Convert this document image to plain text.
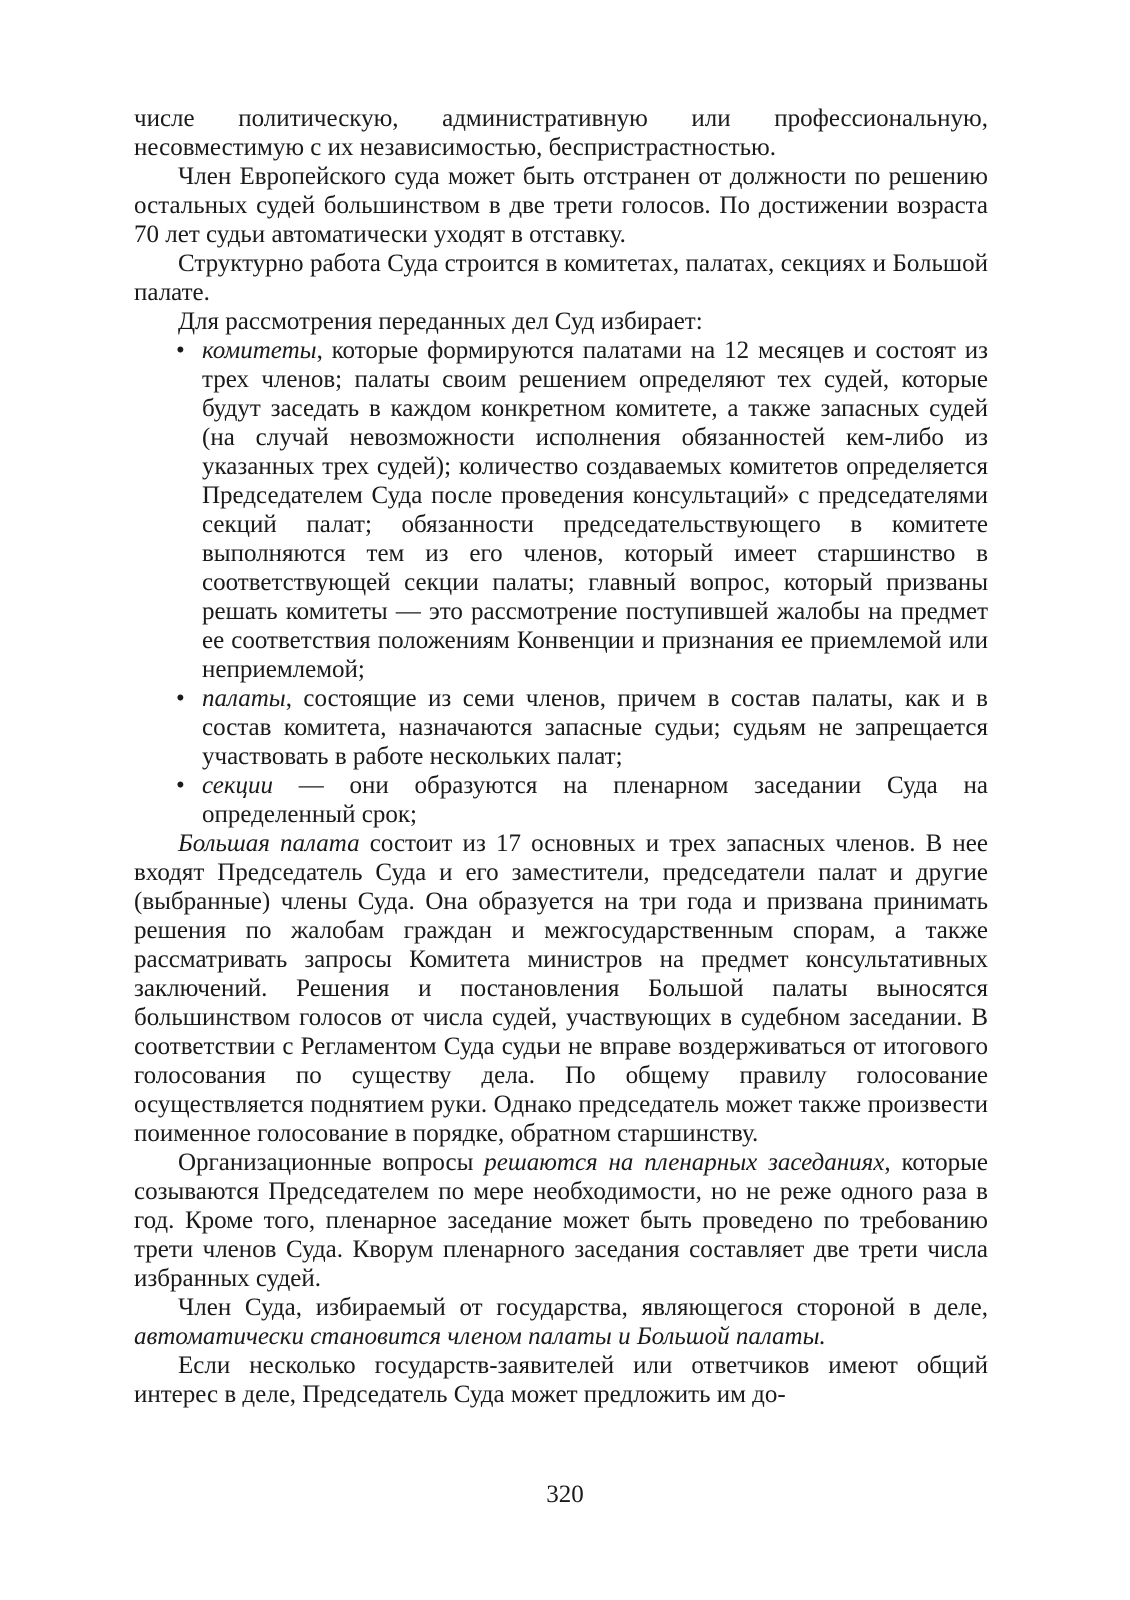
числе политическую, административную или профессиональную, несовместимую с их независимостью, беспристрастностью.

Член Европейского суда может быть отстранен от должности по решению остальных судей большинством в две трети голосов. По достижении возраста 70 лет судьи автоматически уходят в отставку.

Структурно работа Суда строится в комитетах, палатах, секциях и Большой палате.

Для рассмотрения переданных дел Суд избирает:

• комитеты, которые формируются палатами на 12 месяцев и состоят из трех членов; палаты своим решением определяют тех судей, которые будут заседать в каждом конкретном комитете, а также запасных судей (на случай невозможности исполнения обязанностей кем-либо из указанных трех судей); количество создаваемых комитетов определяется Председателем Суда после проведения консультаций» с председателями секций палат; обязанности председательствующего в комитете выполняются тем из его членов, который имеет старшинство в соответствующей секции палаты; главный вопрос, который призваны решать комитеты — это рассмотрение поступившей жалобы на предмет ее соответствия положениям Конвенции и признания ее приемлемой или неприемлемой;
• палаты, состоящие из семи членов, причем в состав палаты, как и в состав комитета, назначаются запасные судьи; судьям не запрещается участвовать в работе нескольких палат;
• секции — они образуются на пленарном заседании Суда на определенный срок;

Большая палата состоит из 17 основных и трех запасных членов. В нее входят Председатель Суда и его заместители, председатели палат и другие (выбранные) члены Суда. Она образуется на три года и призвана принимать решения по жалобам граждан и межгосударственным спорам, а также рассматривать запросы Комитета министров на предмет консультативных заключений. Решения и постановления Большой палаты выносятся большинством голосов от числа судей, участвующих в судебном заседании. В соответствии с Регламентом Суда судьи не вправе воздерживаться от итогового голосования по существу дела. По общему правилу голосование осуществляется поднятием руки. Однако председатель может также произвести поименное голосование в порядке, обратном старшинству.

Организационные вопросы решаются на пленарных заседаниях, которые созываются Председателем по мере необходимости, но не реже одного раза в год. Кроме того, пленарное заседание может быть проведено по требованию трети членов Суда. Кворум пленарного заседания составляет две трети числа избранных судей.

Член Суда, избираемый от государства, являющегося стороной в деле, автоматически становится членом палаты и Большой палаты.

Если несколько государств-заявителей или ответчиков имеют общий интерес в деле, Председатель Суда может предложить им до-

320
